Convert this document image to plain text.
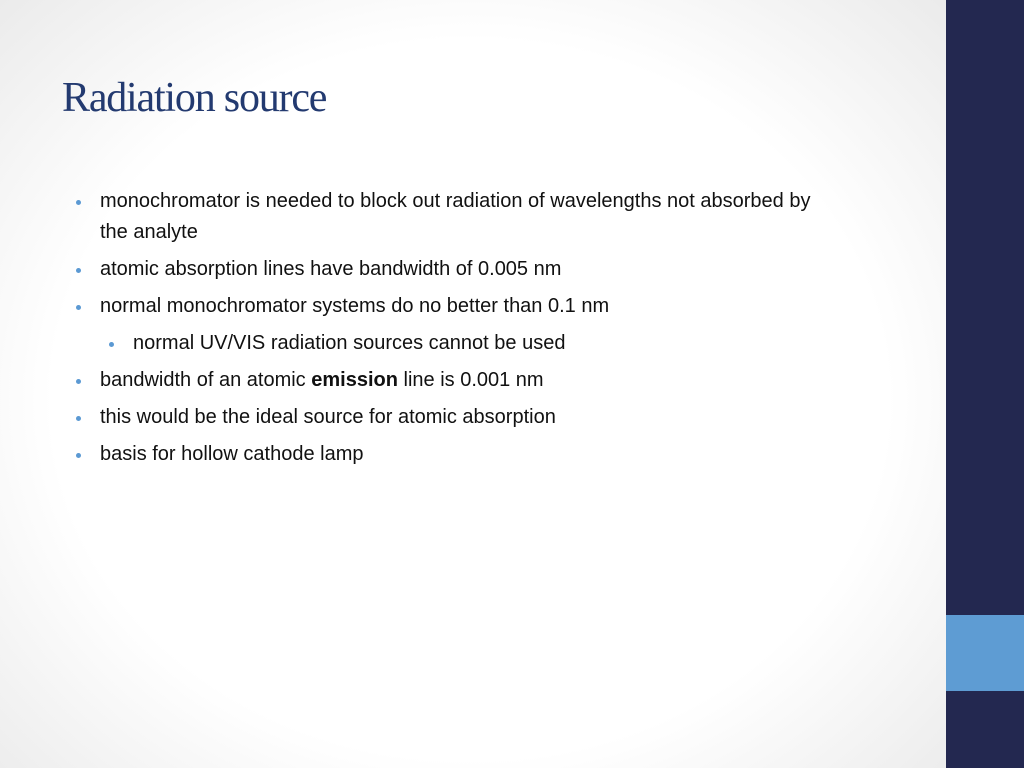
Radiation source
monochromator is needed to block out radiation of wavelengths not absorbed by the analyte
atomic absorption lines have bandwidth of 0.005 nm
normal monochromator systems do no better than 0.1 nm
normal UV/VIS radiation sources cannot be used
bandwidth of an atomic emission line is 0.001 nm
this would be the ideal source for atomic absorption
basis for hollow cathode lamp
